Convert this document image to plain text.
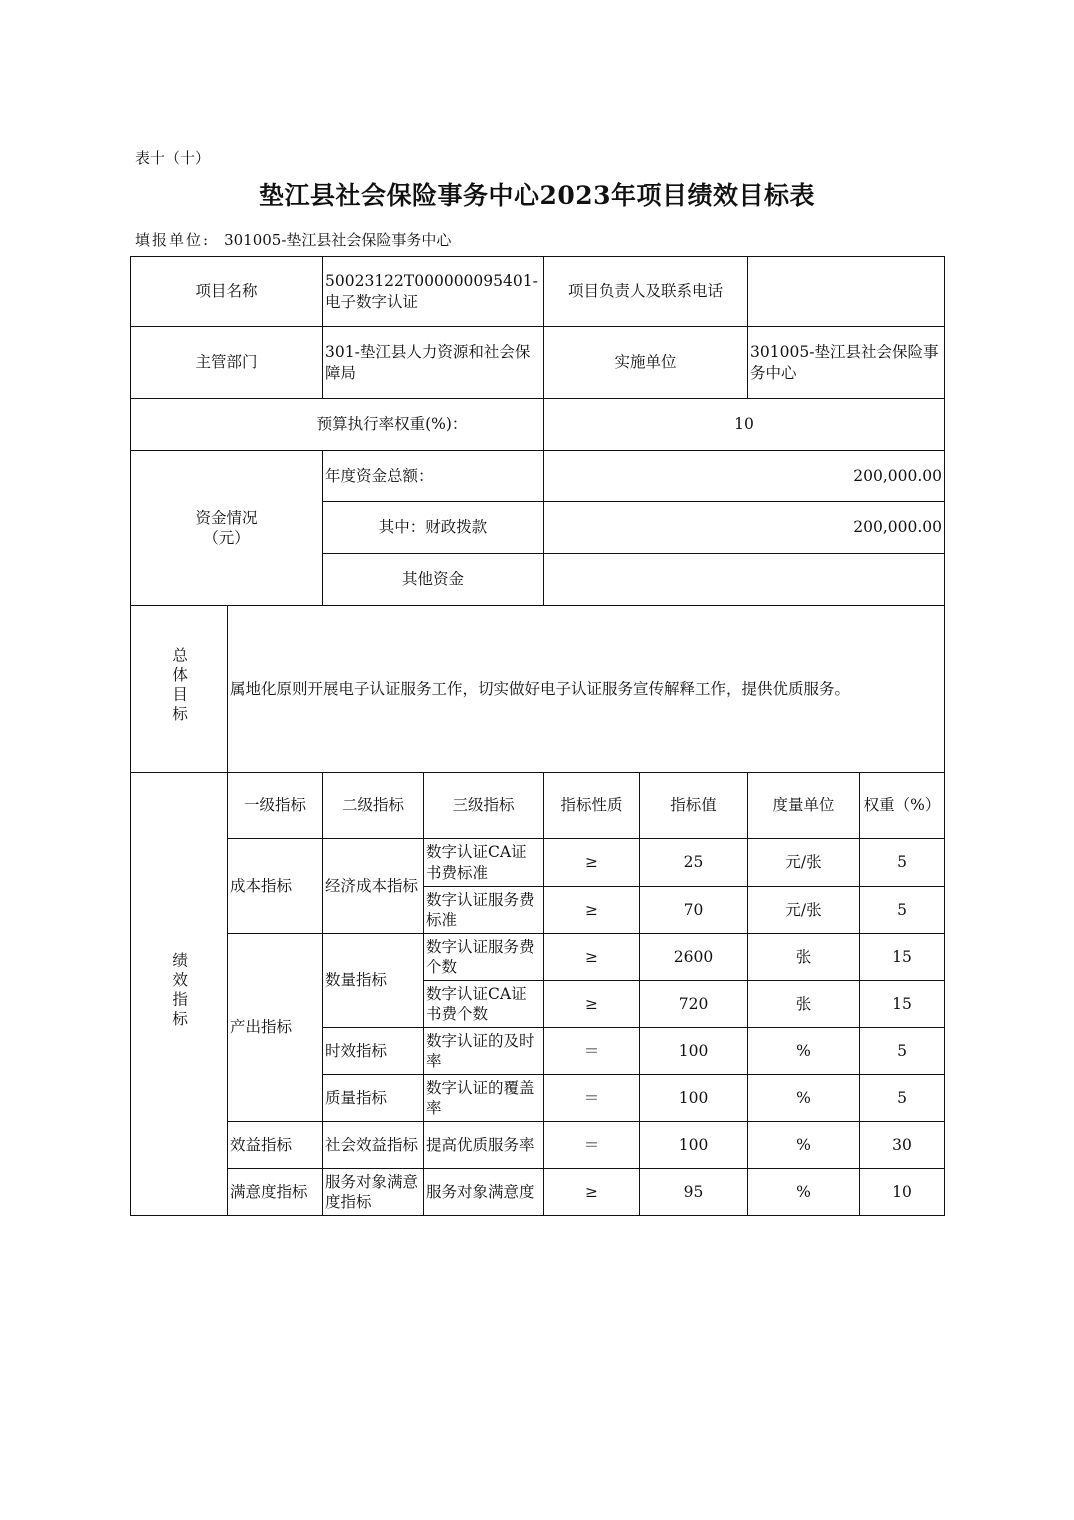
表十（十）
垫江县社会保险事务中心2023年项目绩效目标表
填报单位: 301005-垫江县社会保险事务中心
项目名称		50023122T000000095401-电子数字认证		项目负责人及联系电话			
主管部门		301-垫江县人力资源和社会保障局		实施单位		301005-垫江县社会保险事务中心	
预算执行率权重(%)：				10			
资金情况
（元）		年度资金总额：		200,000.00			
		其中：财政拨款		200,000.00			
		其他资金					
总体目标	属地化原则开展电子认证服务工作，切实做好电子认证服务宣传解释工作，提供优质服务。						
绩效指标	一级指标	二级指标	三级指标	指标性质	指标值	度量单位	权重（%）
	成本指标	经济成本指标	数字认证CA证书费标准	≥	25	元/张	5
			数字认证服务费标准	≥	70	元/张	5
	产出指标	数量指标	数字认证服务费个数	≥	2600	张	15
			数字认证CA证书费个数	≥	720	张	15
		时效指标	数字认证的及时率	＝	100	%	5
		质量指标	数字认证的覆盖率	＝	100	%	5
	效益指标	社会效益指标	提高优质服务率	＝	100	%	30
	满意度指标	服务对象满意度指标	服务对象满意度	≥	95	%	10
